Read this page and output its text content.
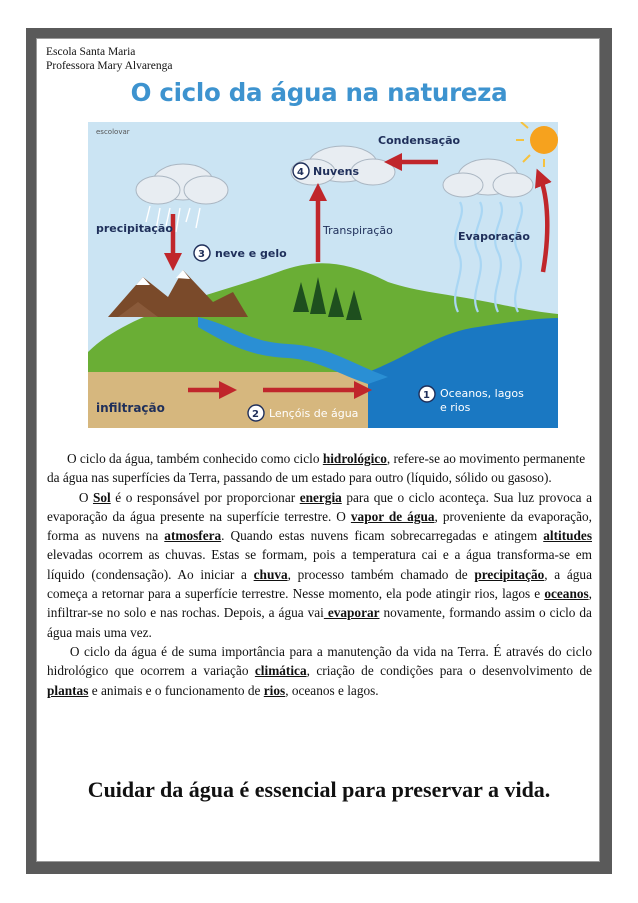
Escola Santa Maria
Professora Mary Alvarenga
O ciclo da água na natureza
escolovar
Condensação
4 Nuvens
precipitação
3 neve e gelo
Transpiração	Evaporação
1 Oceanos, lagos
e rios
infiltração	2 Lençóis de água

O ciclo da água, também conhecido como ciclo hidrológico, refere-se ao movimento permanente da água nas superfícies da Terra, passando de um estado para outro (líquido, sólido ou gasoso).

O Sol é o responsável por proporcionar energia para que o ciclo aconteça. Sua luz provoca a evaporação da água presente na superfície terrestre. O vapor de água, proveniente da evaporação, forma as nuvens na atmosfera. Quando estas nuvens ficam sobrecarregadas e atingem altitudes elevadas ocorrem as chuvas. Estas se formam, pois a temperatura cai e a água transforma-se em líquido (condensação). Ao iniciar a chuva, processo também chamado de precipitação, a água começa a retornar para a superfície terrestre. Nesse momento, ela pode atingir rios, lagos e oceanos, infiltrar-se no solo e nas rochas. Depois, a água vai evaporar novamente, formando assim o ciclo da água mais uma vez.

O ciclo da água é de suma importância para a manutenção da vida na Terra. É através do ciclo hidrológico que ocorrem a variação climática, criação de condições para o desenvolvimento de plantas e animais e o funcionamento de rios, oceanos e lagos.

Cuidar da água é essencial para preservar a vida.
